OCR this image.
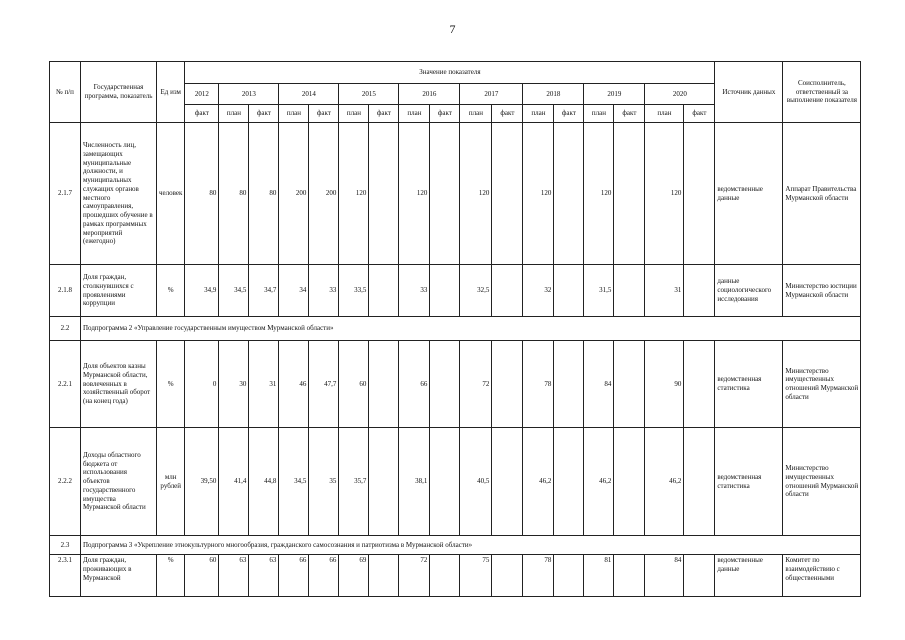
7
№ п/п	Государственная программа, показатель	Ед изм	Значение показателя																	Источник данных	Соисполнитель, ответственный за выполнение показателя
			2012	2013		2014		2015		2016		2017		2018		2019		2020			
			факт	план	факт	план	факт	план	факт	план	факт	план	факт	план	факт	план	факт	план	факт		
2.1.7	Численность лиц, замещающих муниципальные должности, и муниципальных служащих органов местного самоуправления, прошедших обучение в рамках программных мероприятий (ежегодно)	человек	80	80	80	200	200	120		120		120		120		120		120		ведомственные данные	Аппарат Правительства Мурманской области
2.1.8	Доля граждан, столкнувшихся с проявлениями коррупции	%	34,9	34,5	34,7	34	33	33,5		33		32,5		32		31,5		31		данные социологического исследования	Министерство юстиции Мурманской области
2.2	Подпрограмма 2 «Управление государственным имуществом Мурманской области»																				
2.2.1	Доля объектов казны Мурманской области, вовлеченных в хозяйственный оборот (на конец года)	%	0	30	31	46	47,7	60		66		72		78		84		90		ведомственная статистика	Министерство имущественных отношений Мурманской области
2.2.2	Доходы областного бюджета от использования объектов государственного имущества Мурманской области	млн рублей	39,50	41,4	44,8	34,5	35	35,7		38,1		40,5		46,2		46,2		46,2		ведомственная статистика	Министерство имущественных отношений Мурманской области
2.3	Подпрограмма 3 «Укрепление этнокультурного многообразия, гражданского самосознания и патриотизма в Мурманской области»																				
2.3.1	Доля граждан, проживающих в Мурманской	%	60	63	63	66	66	69		72		75		78		81		84		ведомственные данные	Комитет по взаимодействию с общественными
